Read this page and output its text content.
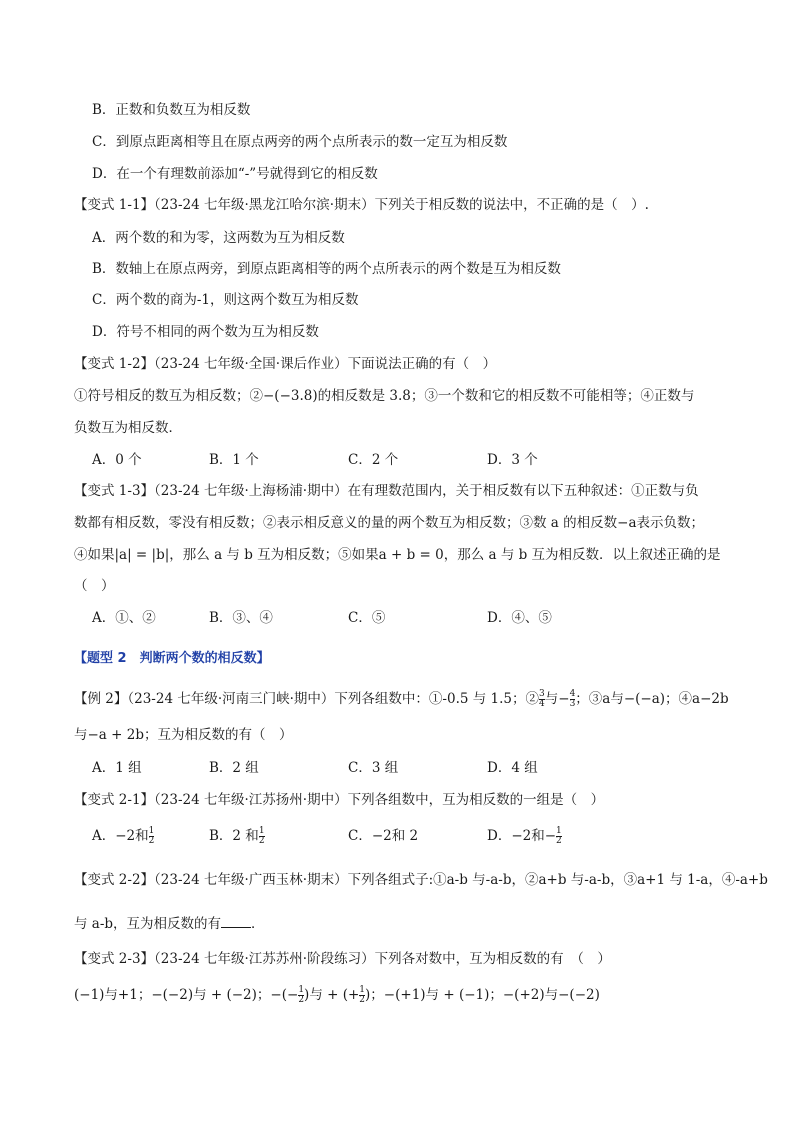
B．正数和负数互为相反数
C．到原点距离相等且在原点两旁的两个点所表示的数一定互为相反数
D．在一个有理数前添加“-”号就得到它的相反数
【变式 1-1】（23-24 七年级·黑龙江哈尔滨·期末）下列关于相反数的说法中，不正确的是（　）.
A．两个数的和为零，这两数为互为相反数
B．数轴上在原点两旁，到原点距离相等的两个点所表示的两个数是互为相反数
C．两个数的商为-1，则这两个数互为相反数
D．符号不相同的两个数为互为相反数
【变式 1-2】（23-24 七年级·全国·课后作业）下面说法正确的有（　）
①符号相反的数互为相反数；②−(−3.8)的相反数是 3.8；③一个数和它的相反数不可能相等；④正数与
负数互为相反数．
A．0 个	B．1 个	C．2 个	D．3 个
【变式 1-3】（23-24 七年级·上海杨浦·期中）在有理数范围内，关于相反数有以下五种叙述：①正数与负
数都有相反数，零没有相反数；②表示相反意义的量的两个数互为相反数；③数 a 的相反数−a表示负数；
④如果|a| = |b|，那么 a 与 b 互为相反数；⑤如果a + b = 0，那么 a 与 b 互为相反数．以上叙述正确的是
（　）
A．①、②	B．③、④	C．⑤	D．④、⑤
【题型 2　判断两个数的相反数】
【例 2】（23-24 七年级·河南三门峡·期中）下列各组数中：①-0.5 与 1.5；② $\frac{3}{4}$ 与− $\frac{4}{3}$ ；③a与−(−a)；④a−2b
与−a + 2b；互为相反数的有（　）
A．1 组	B．2 组	C．3 组	D．4 组
【变式 2-1】（23-24 七年级·江苏扬州·期中）下列各组数中，互为相反数的一组是（　）
A．−2和 $\frac{1}{2}$	B．2 和 $\frac{1}{2}$	C．−2和 2	D．−2和− $\frac{1}{2}$
【变式 2-2】（23-24 七年级·广西玉林·期末）下列各组式子:①a-b 与-a-b，②a+b 与-a-b，③a+1 与 1-a，④-a+b
与 a-b，互为相反数的有 ．
【变式 2-3】（23-24 七年级·江苏苏州·阶段练习）下列各对数中，互为相反数的有　（　）
(−1)与+1；−(−2)与 + (−2)；−(− $\frac{1}{2}$ )与 + (+ $\frac{1}{2}$ )；−(+1)与 + (−1)；−(+2)与−(−2)
